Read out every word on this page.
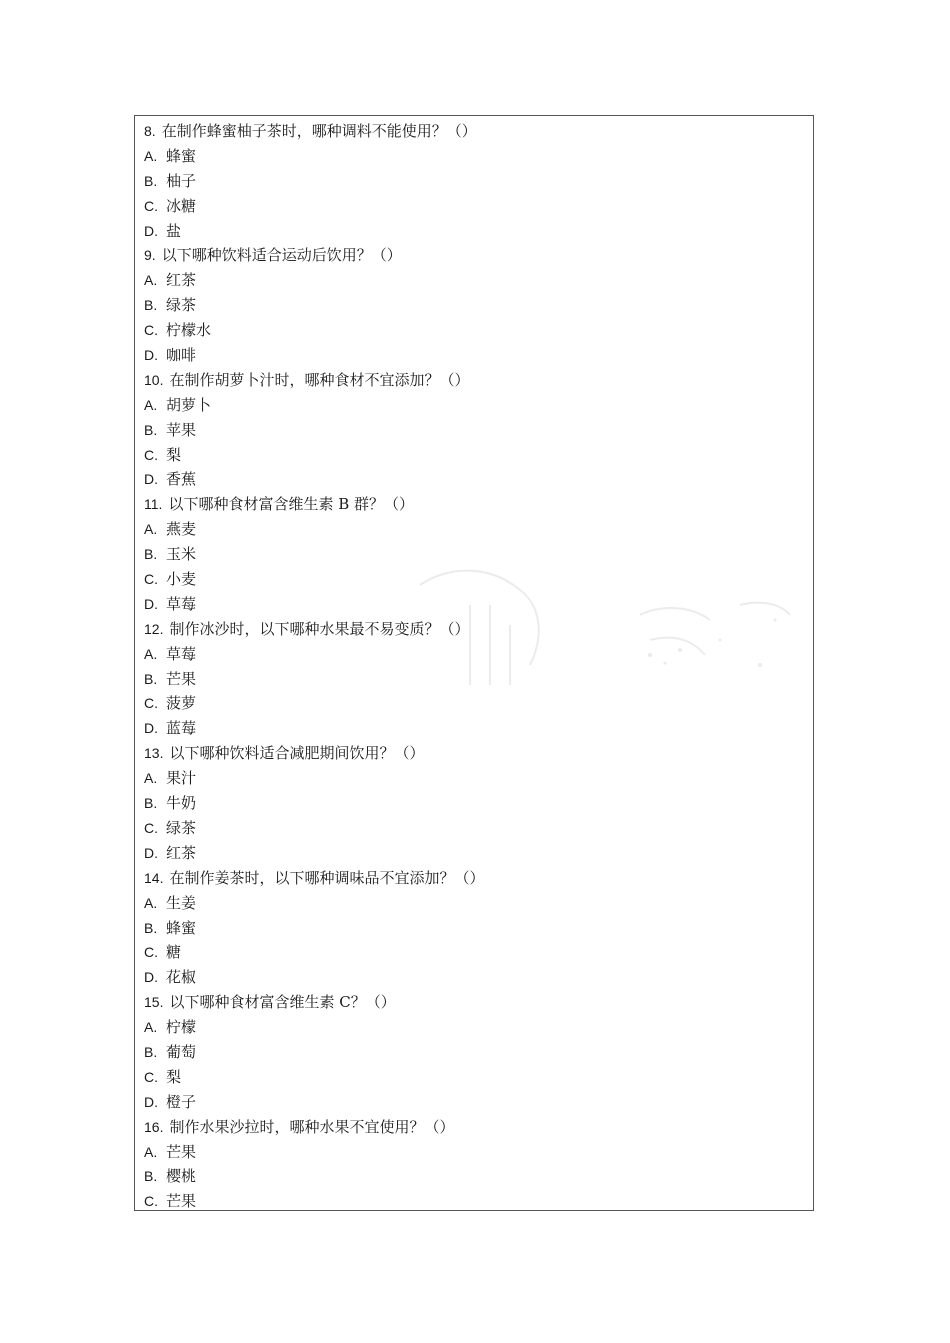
8. 在制作蜂蜜柚子茶时，哪种调料不能使用？（）
A. 蜂蜜
B. 柚子
C. 冰糖
D. 盐
9. 以下哪种饮料适合运动后饮用？（）
A. 红茶
B. 绿茶
C. 柠檬水
D. 咖啡
10. 在制作胡萝卜汁时，哪种食材不宜添加？（）
A. 胡萝卜
B. 苹果
C. 梨
D. 香蕉
11. 以下哪种食材富含维生素 B 群？（）
A. 燕麦
B. 玉米
C. 小麦
D. 草莓
12. 制作冰沙时，以下哪种水果最不易变质？（）
A. 草莓
B. 芒果
C. 菠萝
D. 蓝莓
13. 以下哪种饮料适合减肥期间饮用？（）
A. 果汁
B. 牛奶
C. 绿茶
D. 红茶
14. 在制作姜茶时，以下哪种调味品不宜添加？（）
A. 生姜
B. 蜂蜜
C. 糖
D. 花椒
15. 以下哪种食材富含维生素 C？（）
A. 柠檬
B. 葡萄
C. 梨
D. 橙子
16. 制作水果沙拉时，哪种水果不宜使用？（）
A. 芒果
B. 樱桃
C. 芒果
